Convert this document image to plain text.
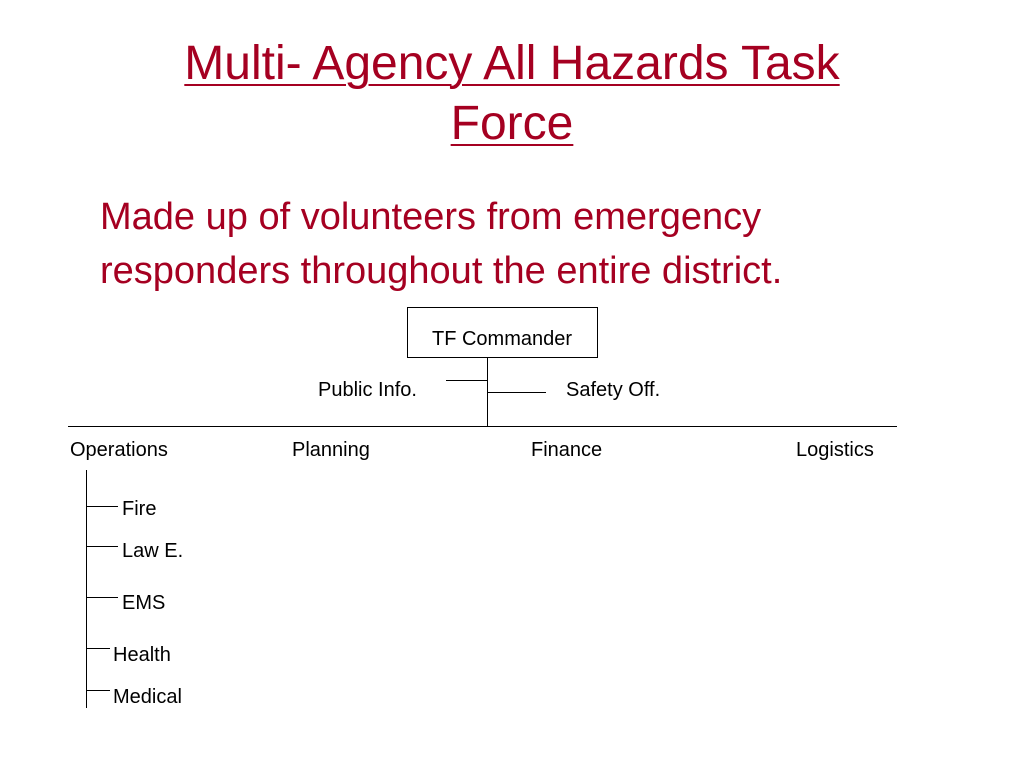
Multi- Agency All Hazards Task
Force

Made up of volunteers from emergency
responders throughout the entire district.

TF Commander
Public Info.	Safety Off.
Operations	Planning	Finance	Logistics
Fire
Law E.
EMS
Health
Medical
